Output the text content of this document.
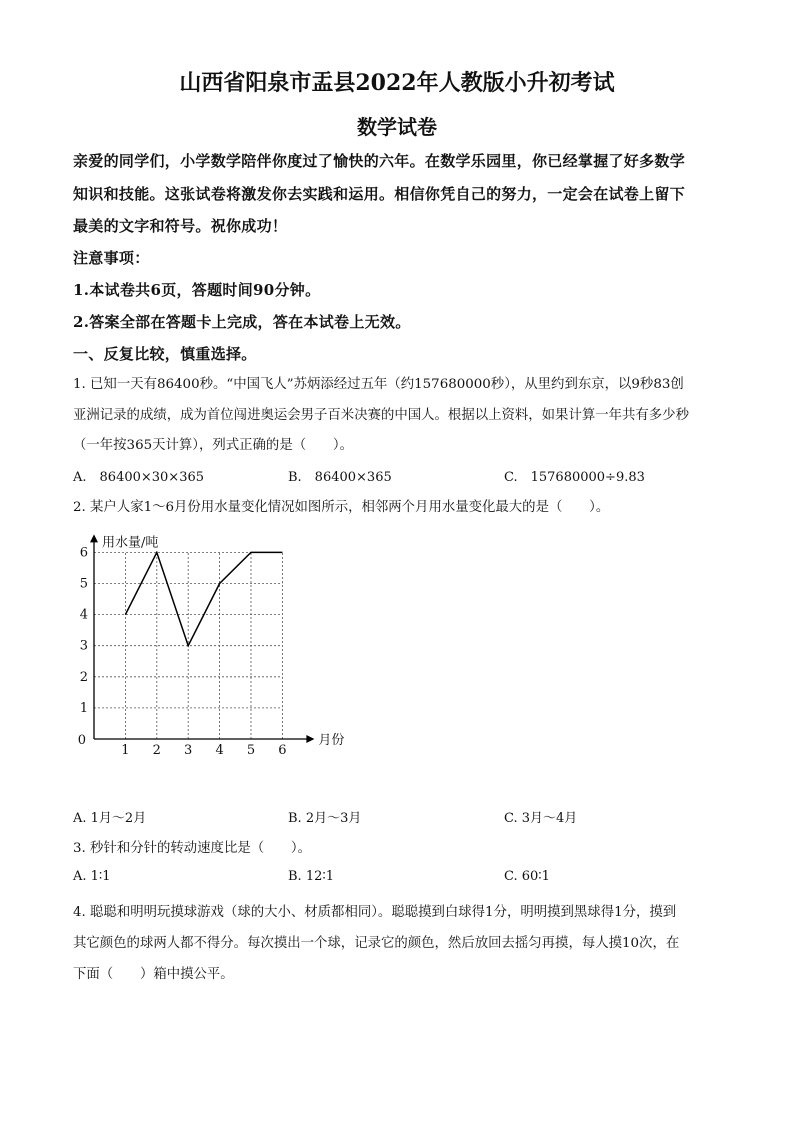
山西省阳泉市盂县2022年人教版小升初考试
数学试卷
亲爱的同学们，小学数学陪伴你度过了愉快的六年。在数学乐园里，你已经掌握了好多数学
知识和技能。这张试卷将激发你去实践和运用。相信你凭自己的努力，一定会在试卷上留下
最美的文字和符号。祝你成功！
注意事项：
1.本试卷共6页，答题时间90分钟。
2.答案全部在答题卡上完成，答在本试卷上无效。
一、反复比较，慎重选择。
1. 已知一天有86400秒。“中国飞人”苏炳添经过五年（约157680000秒），从里约到东京，以9秒83创
亚洲记录的成绩，成为首位闯进奥运会男子百米决赛的中国人。根据以上资料，如果计算一年共有多少秒
（一年按365天计算），列式正确的是（　　）。
A.　86400×30×365	B.　86400×365	C.　157680000÷9.83
2. 某户人家1～6月份用水量变化情况如图所示，相邻两个月用水量变化最大的是（　　）。
1 2 3 4 5 6
1
2
3
4
5
6
0
用水量/吨
月份
A. 1月～2月	B. 2月～3月	C. 3月～4月
3. 秒针和分针的转动速度比是（　　）。
A. 1∶1	B. 12∶1	C. 60∶1
4. 聪聪和明明玩摸球游戏（球的大小、材质都相同）。聪聪摸到白球得1分，明明摸到黑球得1分，摸到
其它颜色的球两人都不得分。每次摸出一个球，记录它的颜色，然后放回去摇匀再摸，每人摸10次，在
下面（　　）箱中摸公平。
